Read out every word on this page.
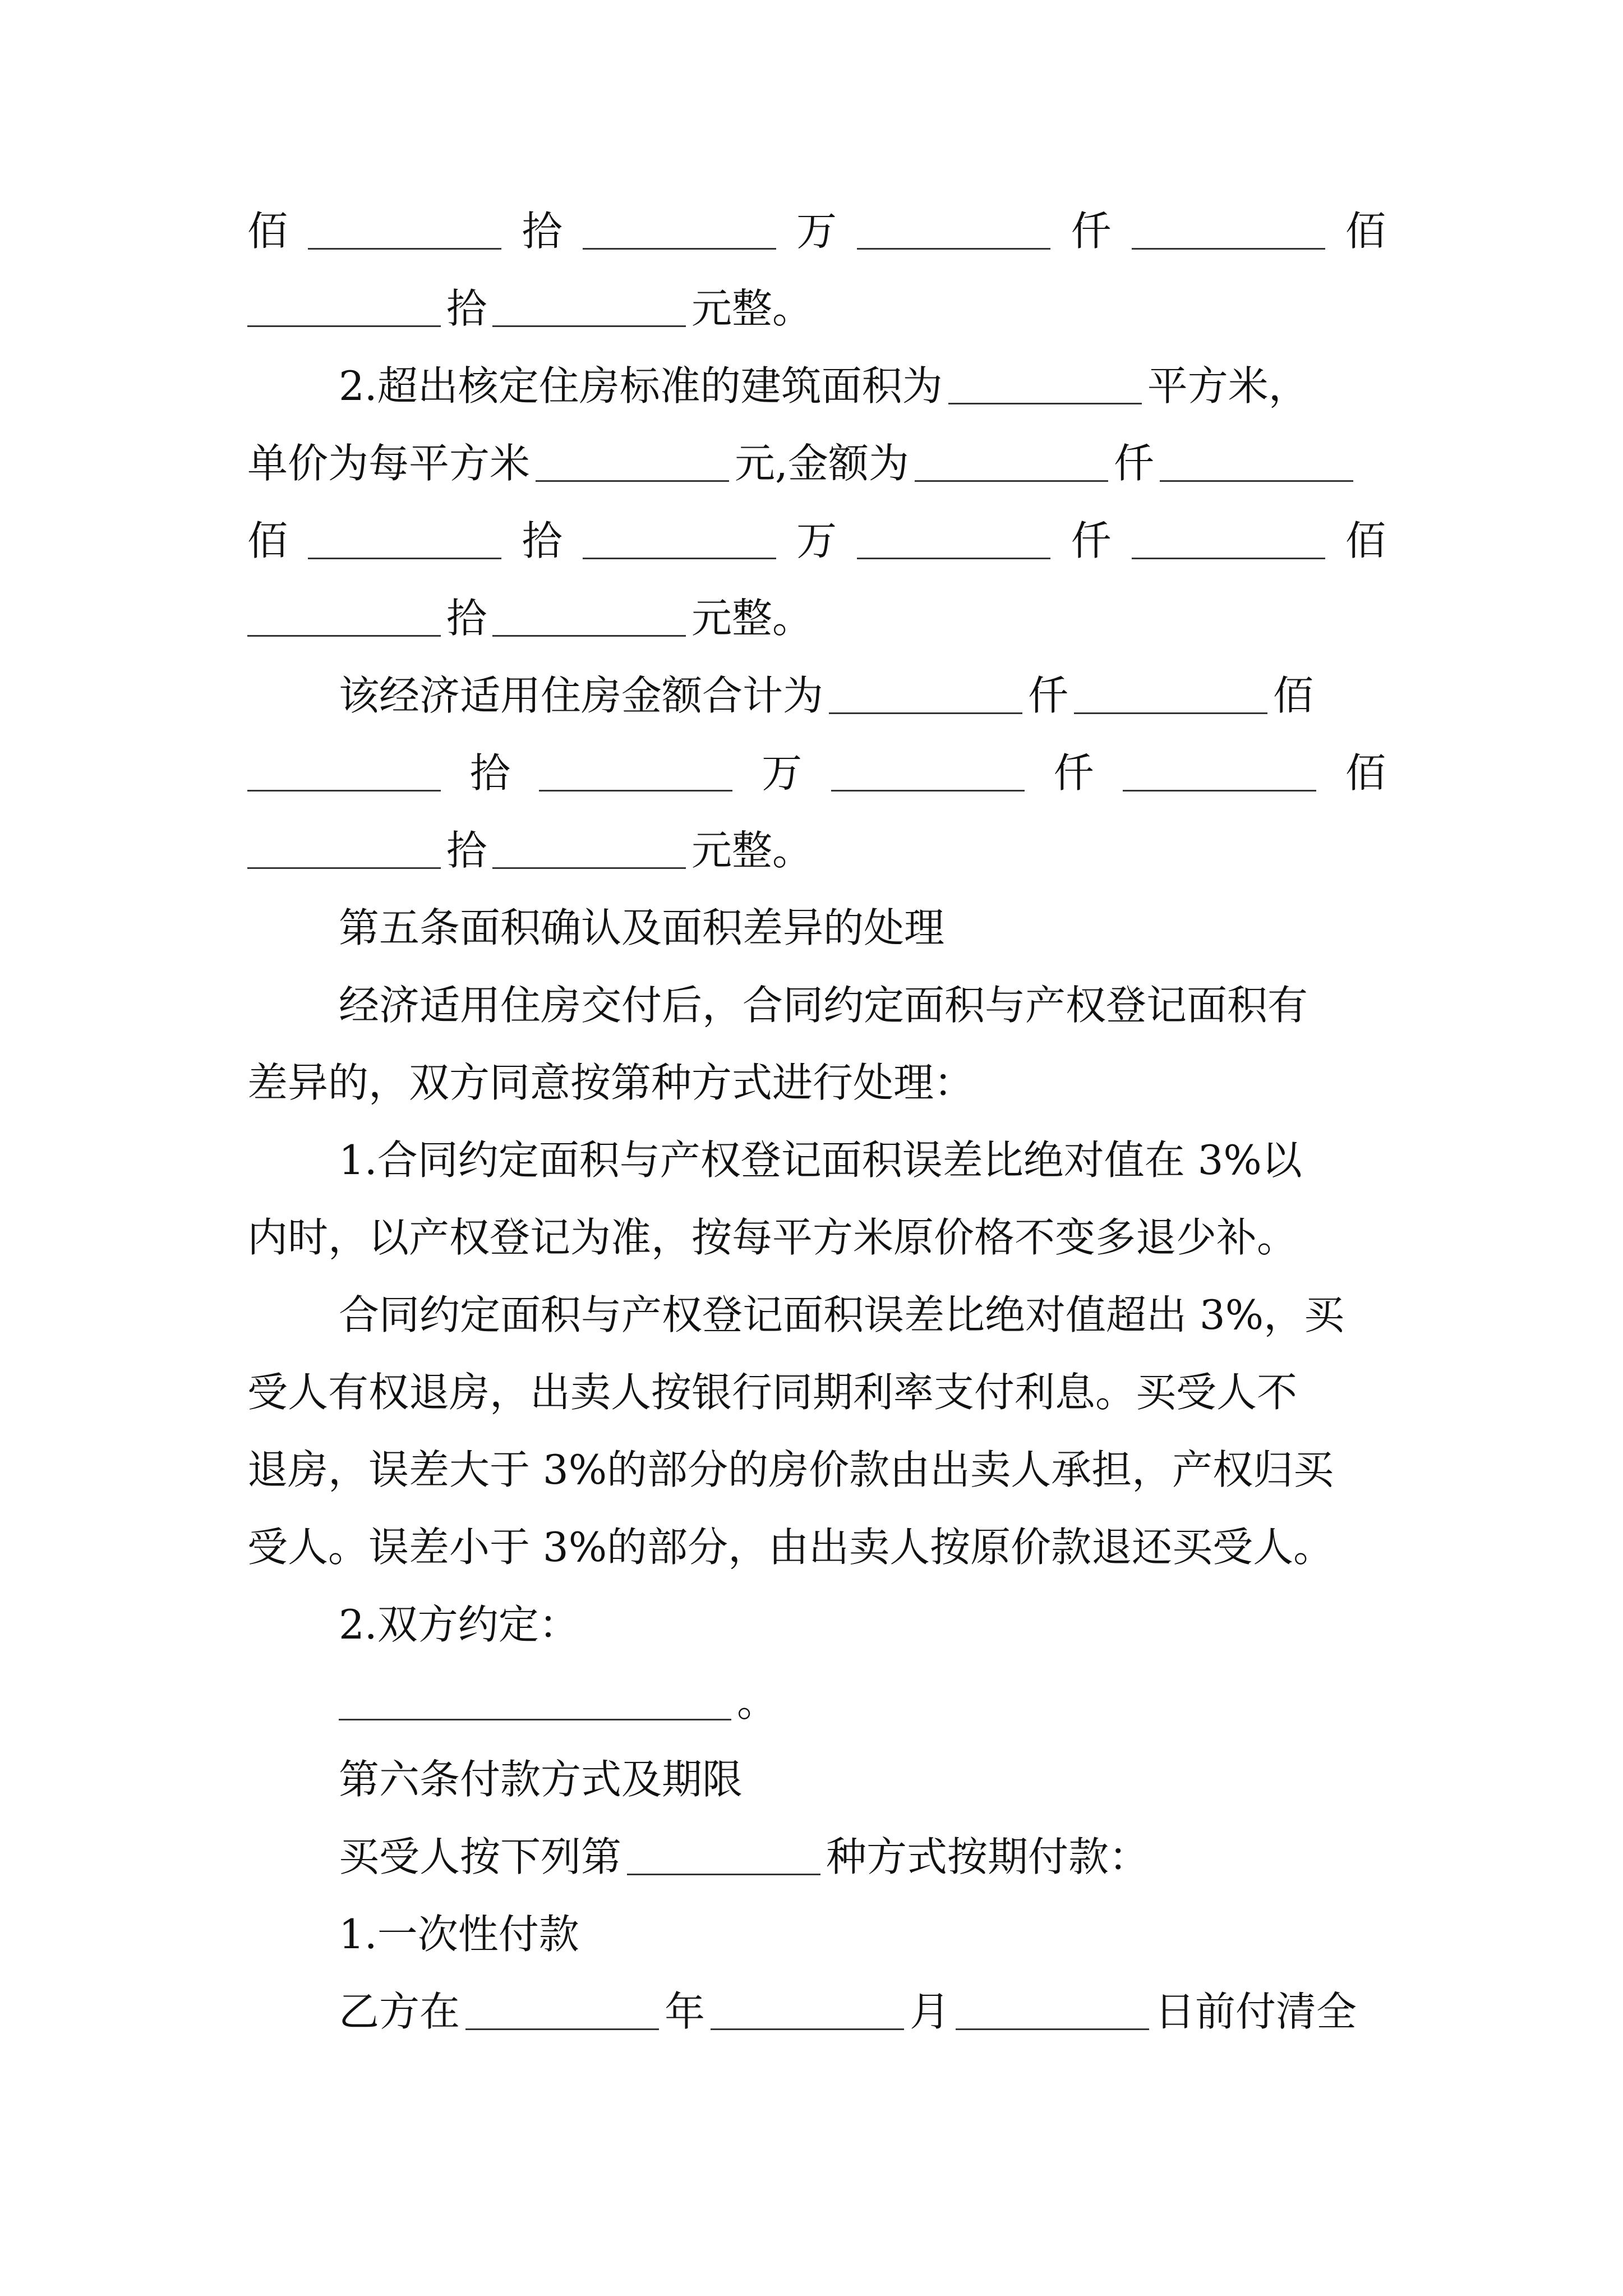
佰	拾	万	仟	佰
拾	元整。
2.超出核定住房标准的建筑面积为	平方米，
单价为每平方米	元,金额为	仟
佰	拾	万	仟	佰
拾	元整。
该经济适用住房金额合计为	仟	佰
拾	万	仟	佰
拾	元整。
第五条面积确认及面积差异的处理
经济适用住房交付后，合同约定面积与产权登记面积有
差异的，双方同意按第种方式进行处理：
1.合同约定面积与产权登记面积误差比绝对值在 3%以
内时，以产权登记为准，按每平方米原价格不变多退少补。
合同约定面积与产权登记面积误差比绝对值超出 3%，买
受人有权退房，出卖人按银行同期利率支付利息。买受人不
退房，误差大于 3%的部分的房价款由出卖人承担，产权归买
受人。误差小于 3%的部分，由出卖人按原价款退还买受人。
2.双方约定：
。
第六条付款方式及期限
买受人按下列第	种方式按期付款：
1.一次性付款
乙方在	年	月	日前付清全
